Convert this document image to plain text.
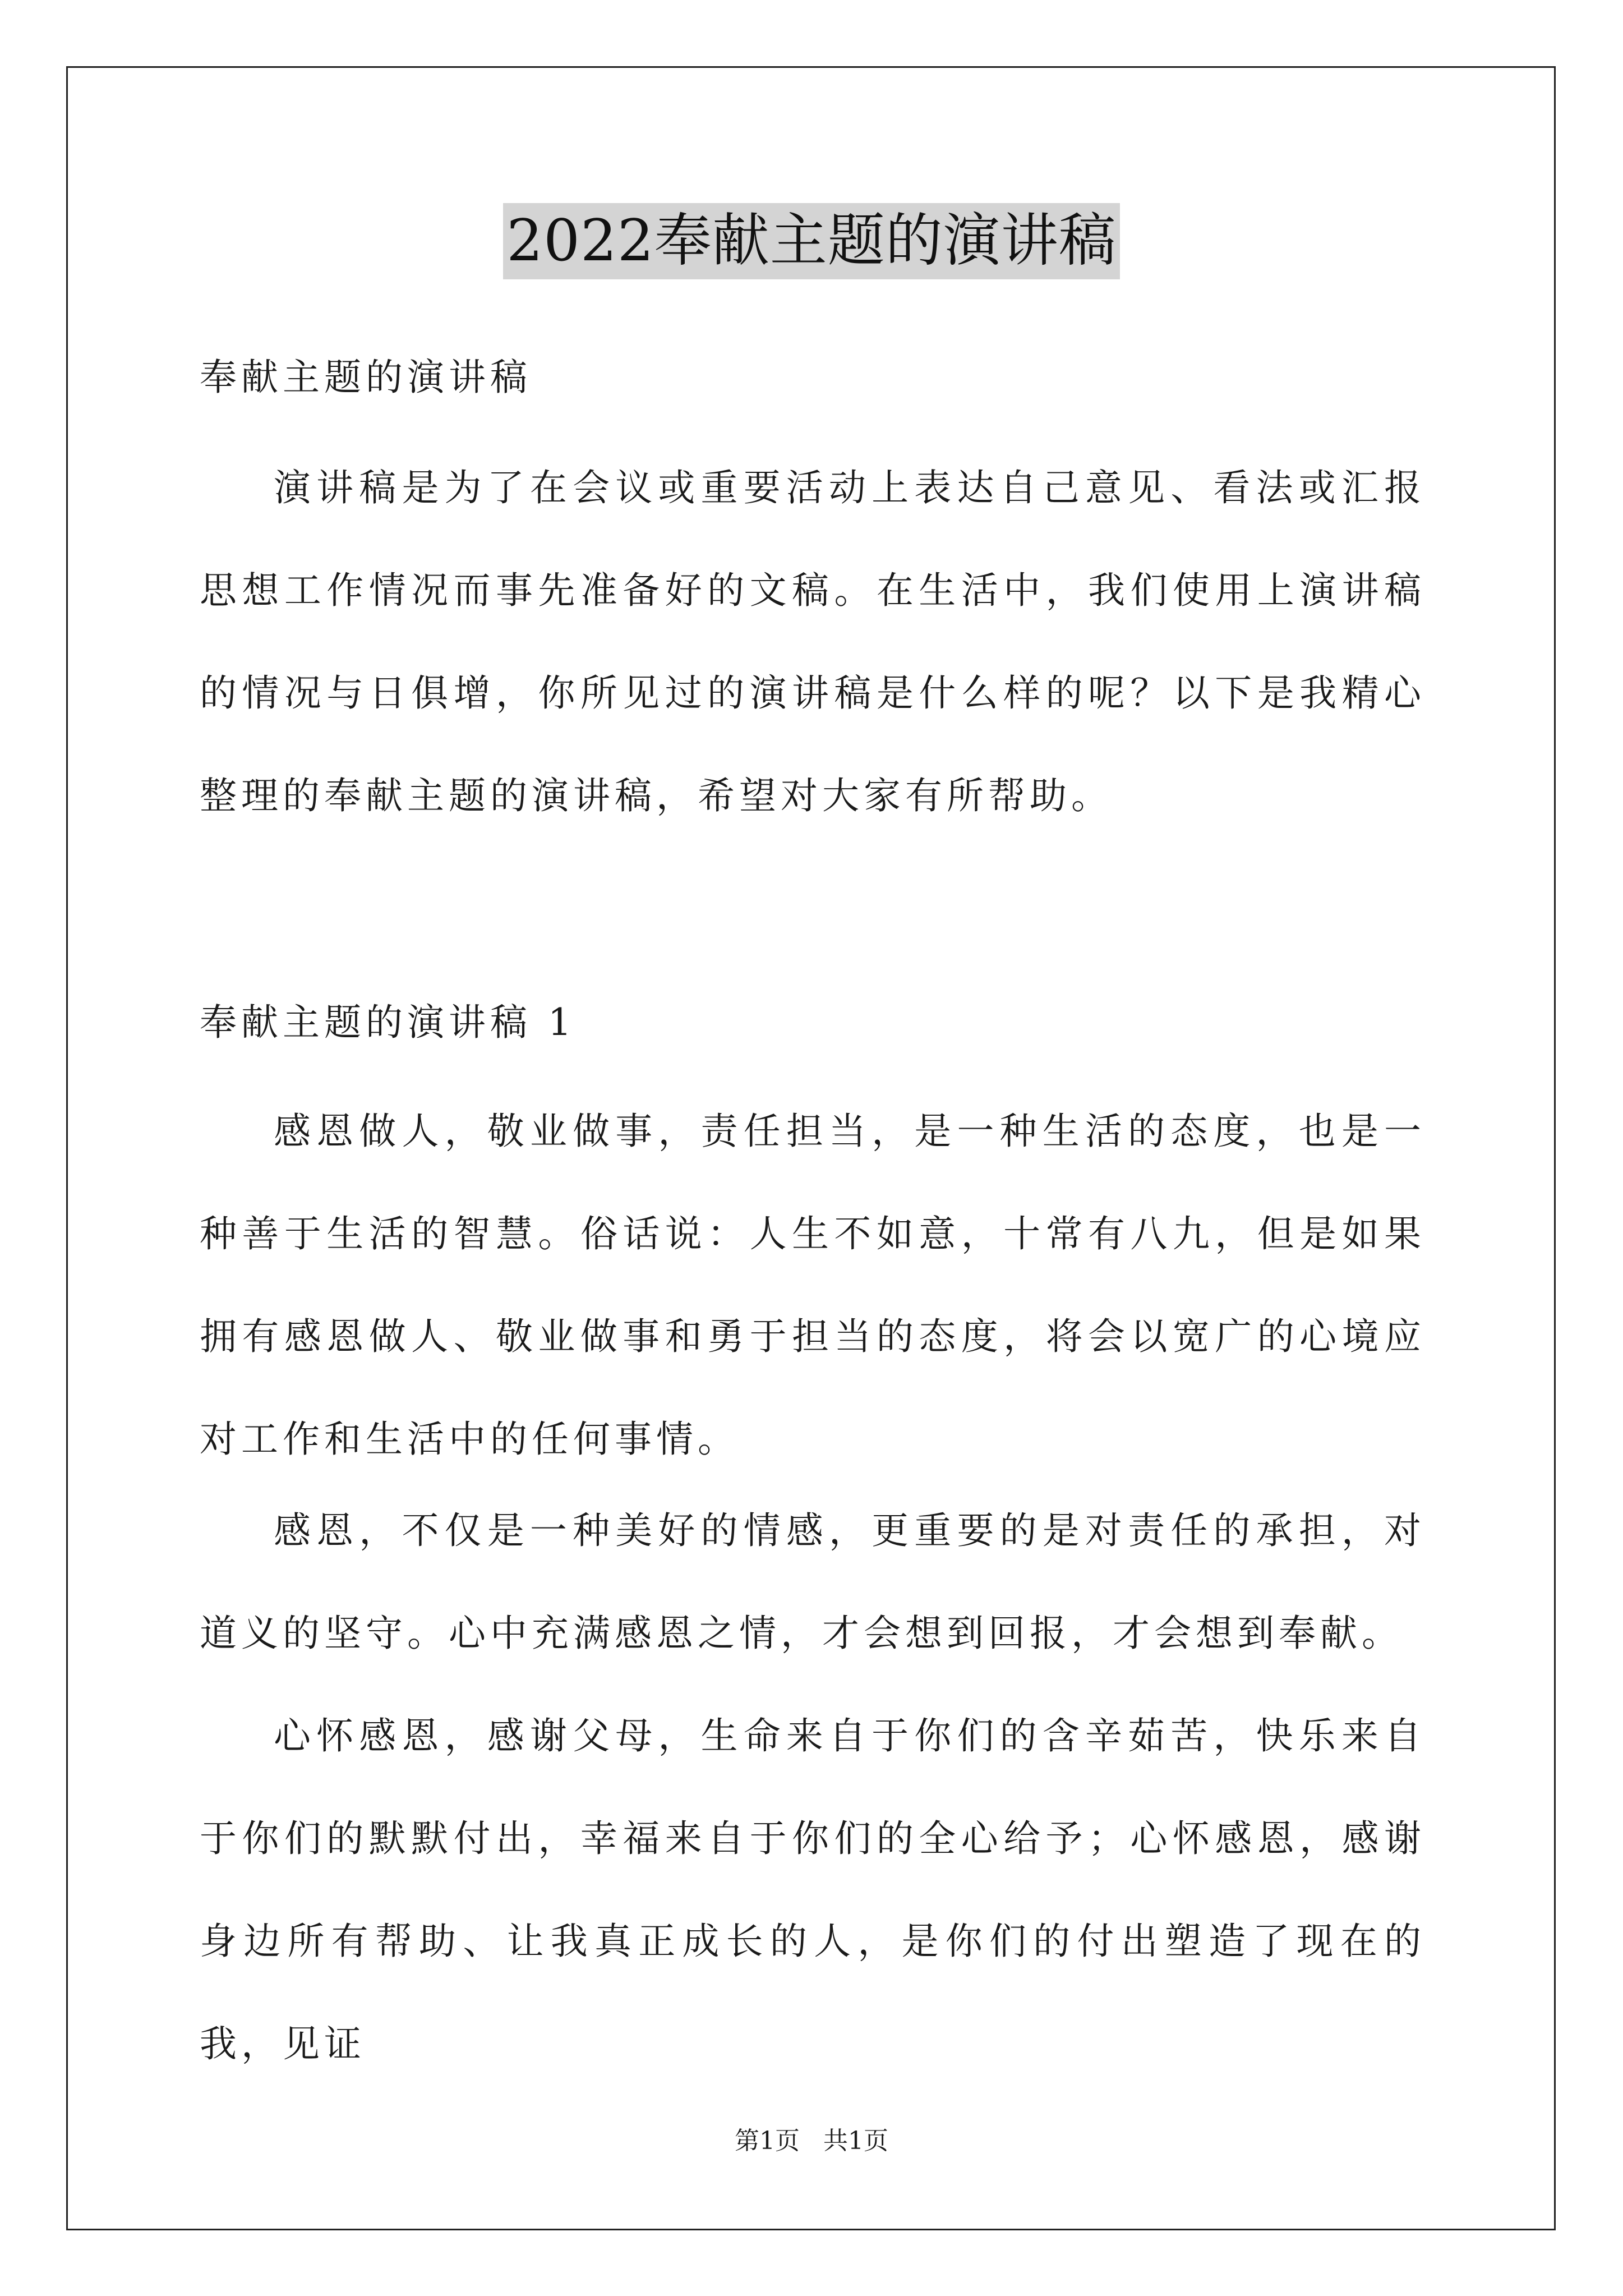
2022奉献主题的演讲稿
奉献主题的演讲稿

演讲稿是为了在会议或重要活动上表达自己意见、看法或汇报思想工作情况而事先准备好的文稿。在生活中，我们使用上演讲稿的情况与日俱增，你所见过的演讲稿是什么样的呢？以下是我精心整理的奉献主题的演讲稿，希望对大家有所帮助。

奉献主题的演讲稿 1

感恩做人，敬业做事，责任担当，是一种生活的态度，也是一种善于生活的智慧。俗话说：人生不如意，十常有八九，但是如果拥有感恩做人、敬业做事和勇于担当的态度，将会以宽广的心境应对工作和生活中的任何事情。

感恩，不仅是一种美好的情感，更重要的是对责任的承担，对道义的坚守。心中充满感恩之情，才会想到回报，才会想到奉献。

心怀感恩，感谢父母，生命来自于你们的含辛茹苦，快乐来自于你们的默默付出，幸福来自于你们的全心给予；心怀感恩，感谢身边所有帮助、让我真正成长的人，是你们的付出塑造了现在的我，见证

第1页   共1页
